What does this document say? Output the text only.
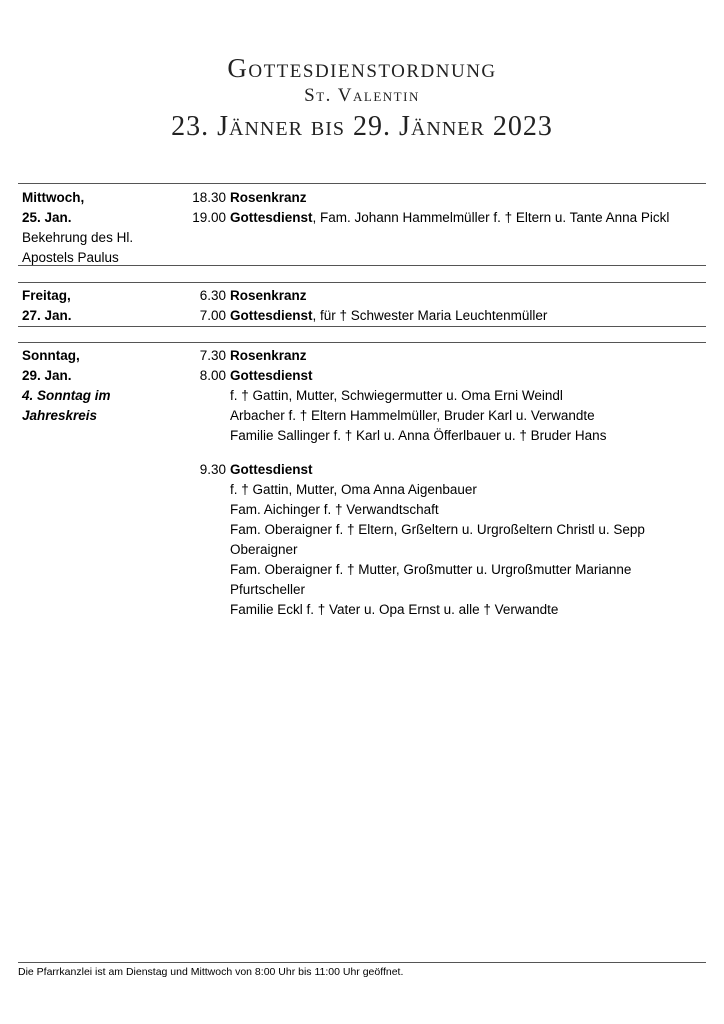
Gottesdienstordnung
St. Valentin
23. Jänner bis 29. Jänner 2023
Mittwoch,
25. Jan.
Bekehrung des Hl.
Apostels Paulus
18.30 Rosenkranz
19.00 Gottesdienst, Fam. Johann Hammelmüller f. † Eltern u. Tante Anna Pickl
Freitag,
27. Jan.
6.30 Rosenkranz
7.00 Gottesdienst, für † Schwester Maria Leuchtenmüller
Sonntag,
29. Jan.
4. Sonntag im
Jahreskreis
7.30 Rosenkranz
8.00 Gottesdienst
f. † Gattin, Mutter, Schwiegermutter u. Oma Erni Weindl
Arbacher f. † Eltern Hammelmüller, Bruder Karl u. Verwandte
Familie Sallinger f. † Karl u. Anna Öfferlbauer u. † Bruder Hans
9.30 Gottesdienst
f. † Gattin, Mutter, Oma Anna Aigenbauer
Fam. Aichinger f. † Verwandtschaft
Fam. Oberaigner f. † Eltern, Grßeltern u. Urgroßeltern Christl u. Sepp
Oberaigner
Fam. Oberaigner f. † Mutter, Großmutter u. Urgroßmutter Marianne
Pfurtscheller
Familie Eckl f. † Vater u. Opa Ernst u. alle † Verwandte
Die Pfarrkanzlei ist am Dienstag und Mittwoch von 8:00 Uhr bis 11:00 Uhr geöffnet.
